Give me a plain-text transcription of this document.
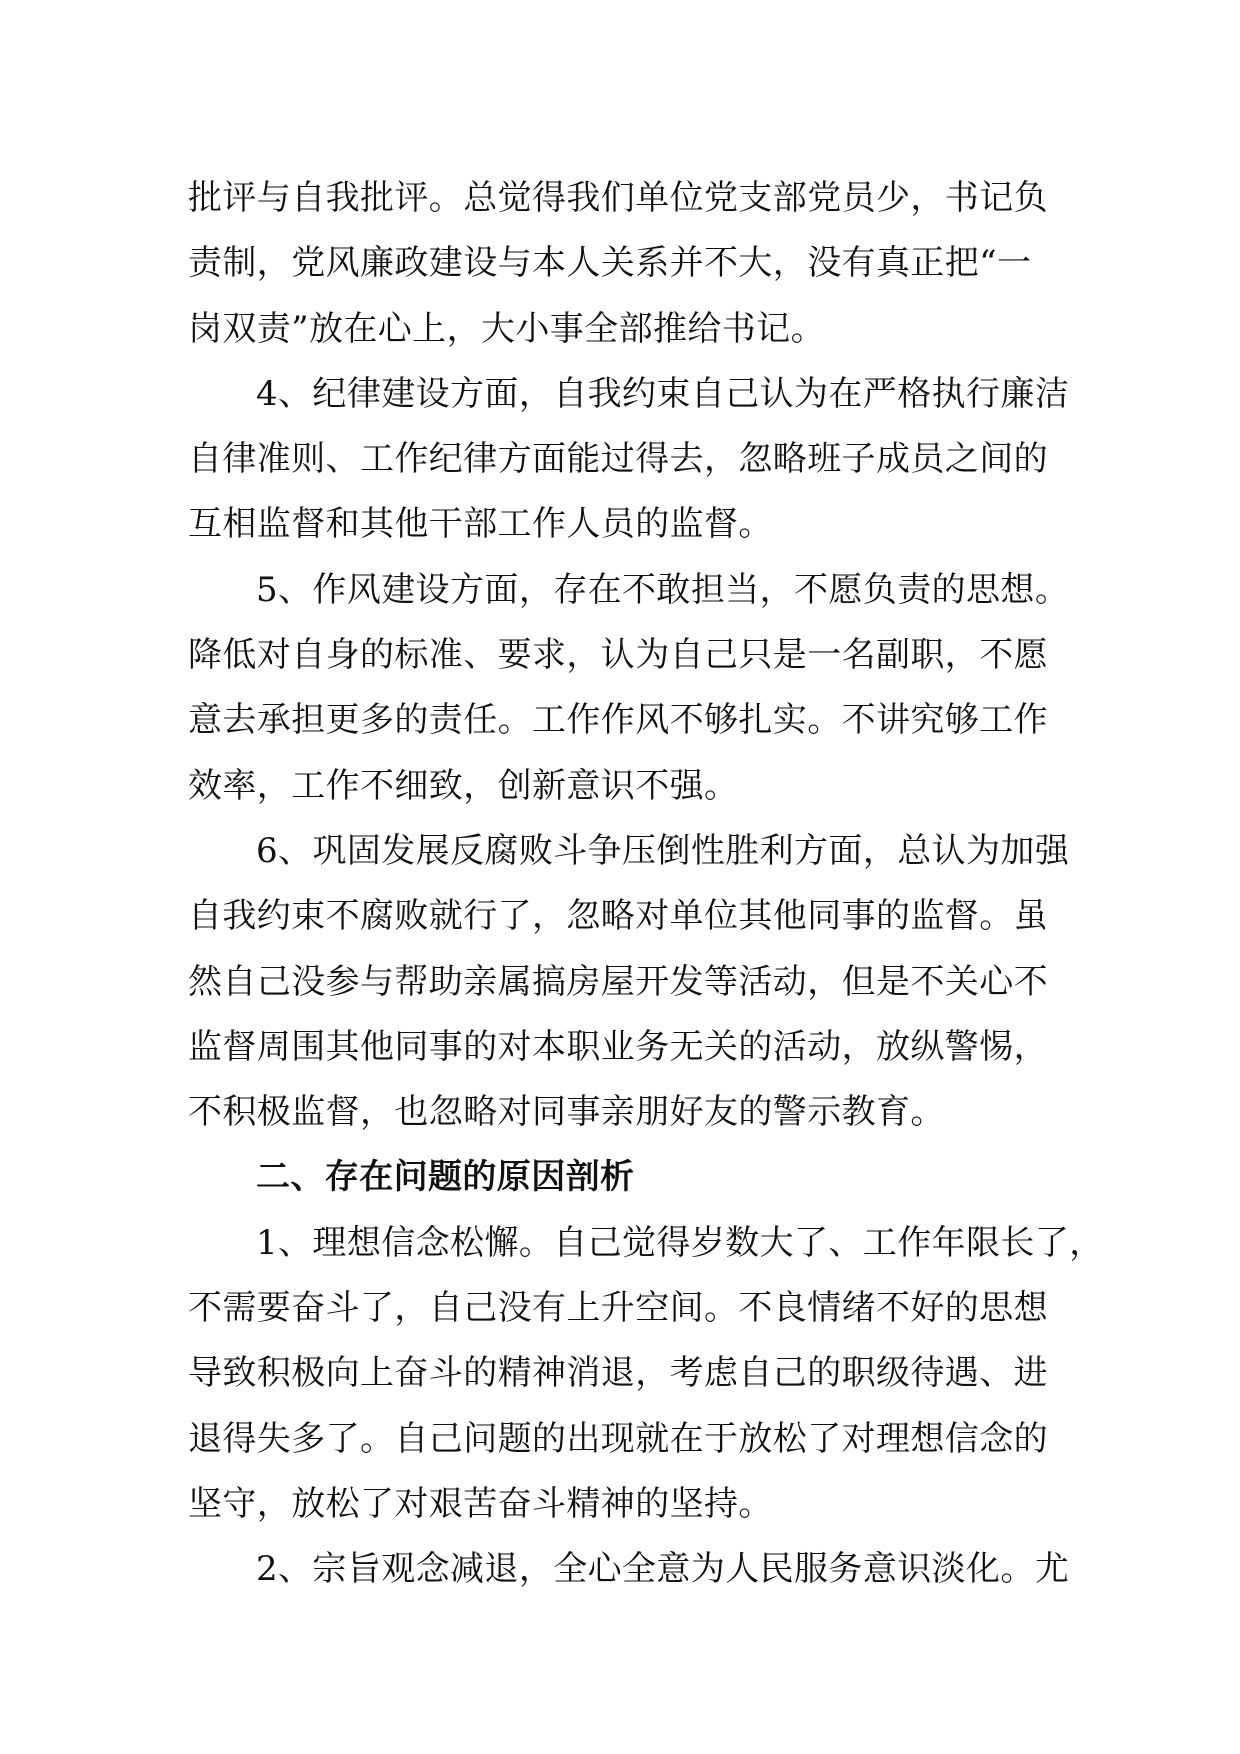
批评与自我批评。总觉得我们单位党支部党员少，书记负
责制，党风廉政建设与本人关系并不大，没有真正把“一
岗双责”放在心上，大小事全部推给书记。
4、纪律建设方面，自我约束自己认为在严格执行廉洁
自律准则、工作纪律方面能过得去，忽略班子成员之间的
互相监督和其他干部工作人员的监督。
5、作风建设方面，存在不敢担当，不愿负责的思想。
降低对自身的标准、要求，认为自己只是一名副职，不愿
意去承担更多的责任。工作作风不够扎实。不讲究够工作
效率，工作不细致，创新意识不强。
6、巩固发展反腐败斗争压倒性胜利方面，总认为加强
自我约束不腐败就行了，忽略对单位其他同事的监督。虽
然自己没参与帮助亲属搞房屋开发等活动，但是不关心不
监督周围其他同事的对本职业务无关的活动，放纵警惕，
不积极监督，也忽略对同事亲朋好友的警示教育。
二、存在问题的原因剖析
1、理想信念松懈。自己觉得岁数大了、工作年限长了，
不需要奋斗了，自己没有上升空间。不良情绪不好的思想
导致积极向上奋斗的精神消退，考虑自己的职级待遇、进
退得失多了。自己问题的出现就在于放松了对理想信念的
坚守，放松了对艰苦奋斗精神的坚持。
2、宗旨观念减退，全心全意为人民服务意识淡化。尤
